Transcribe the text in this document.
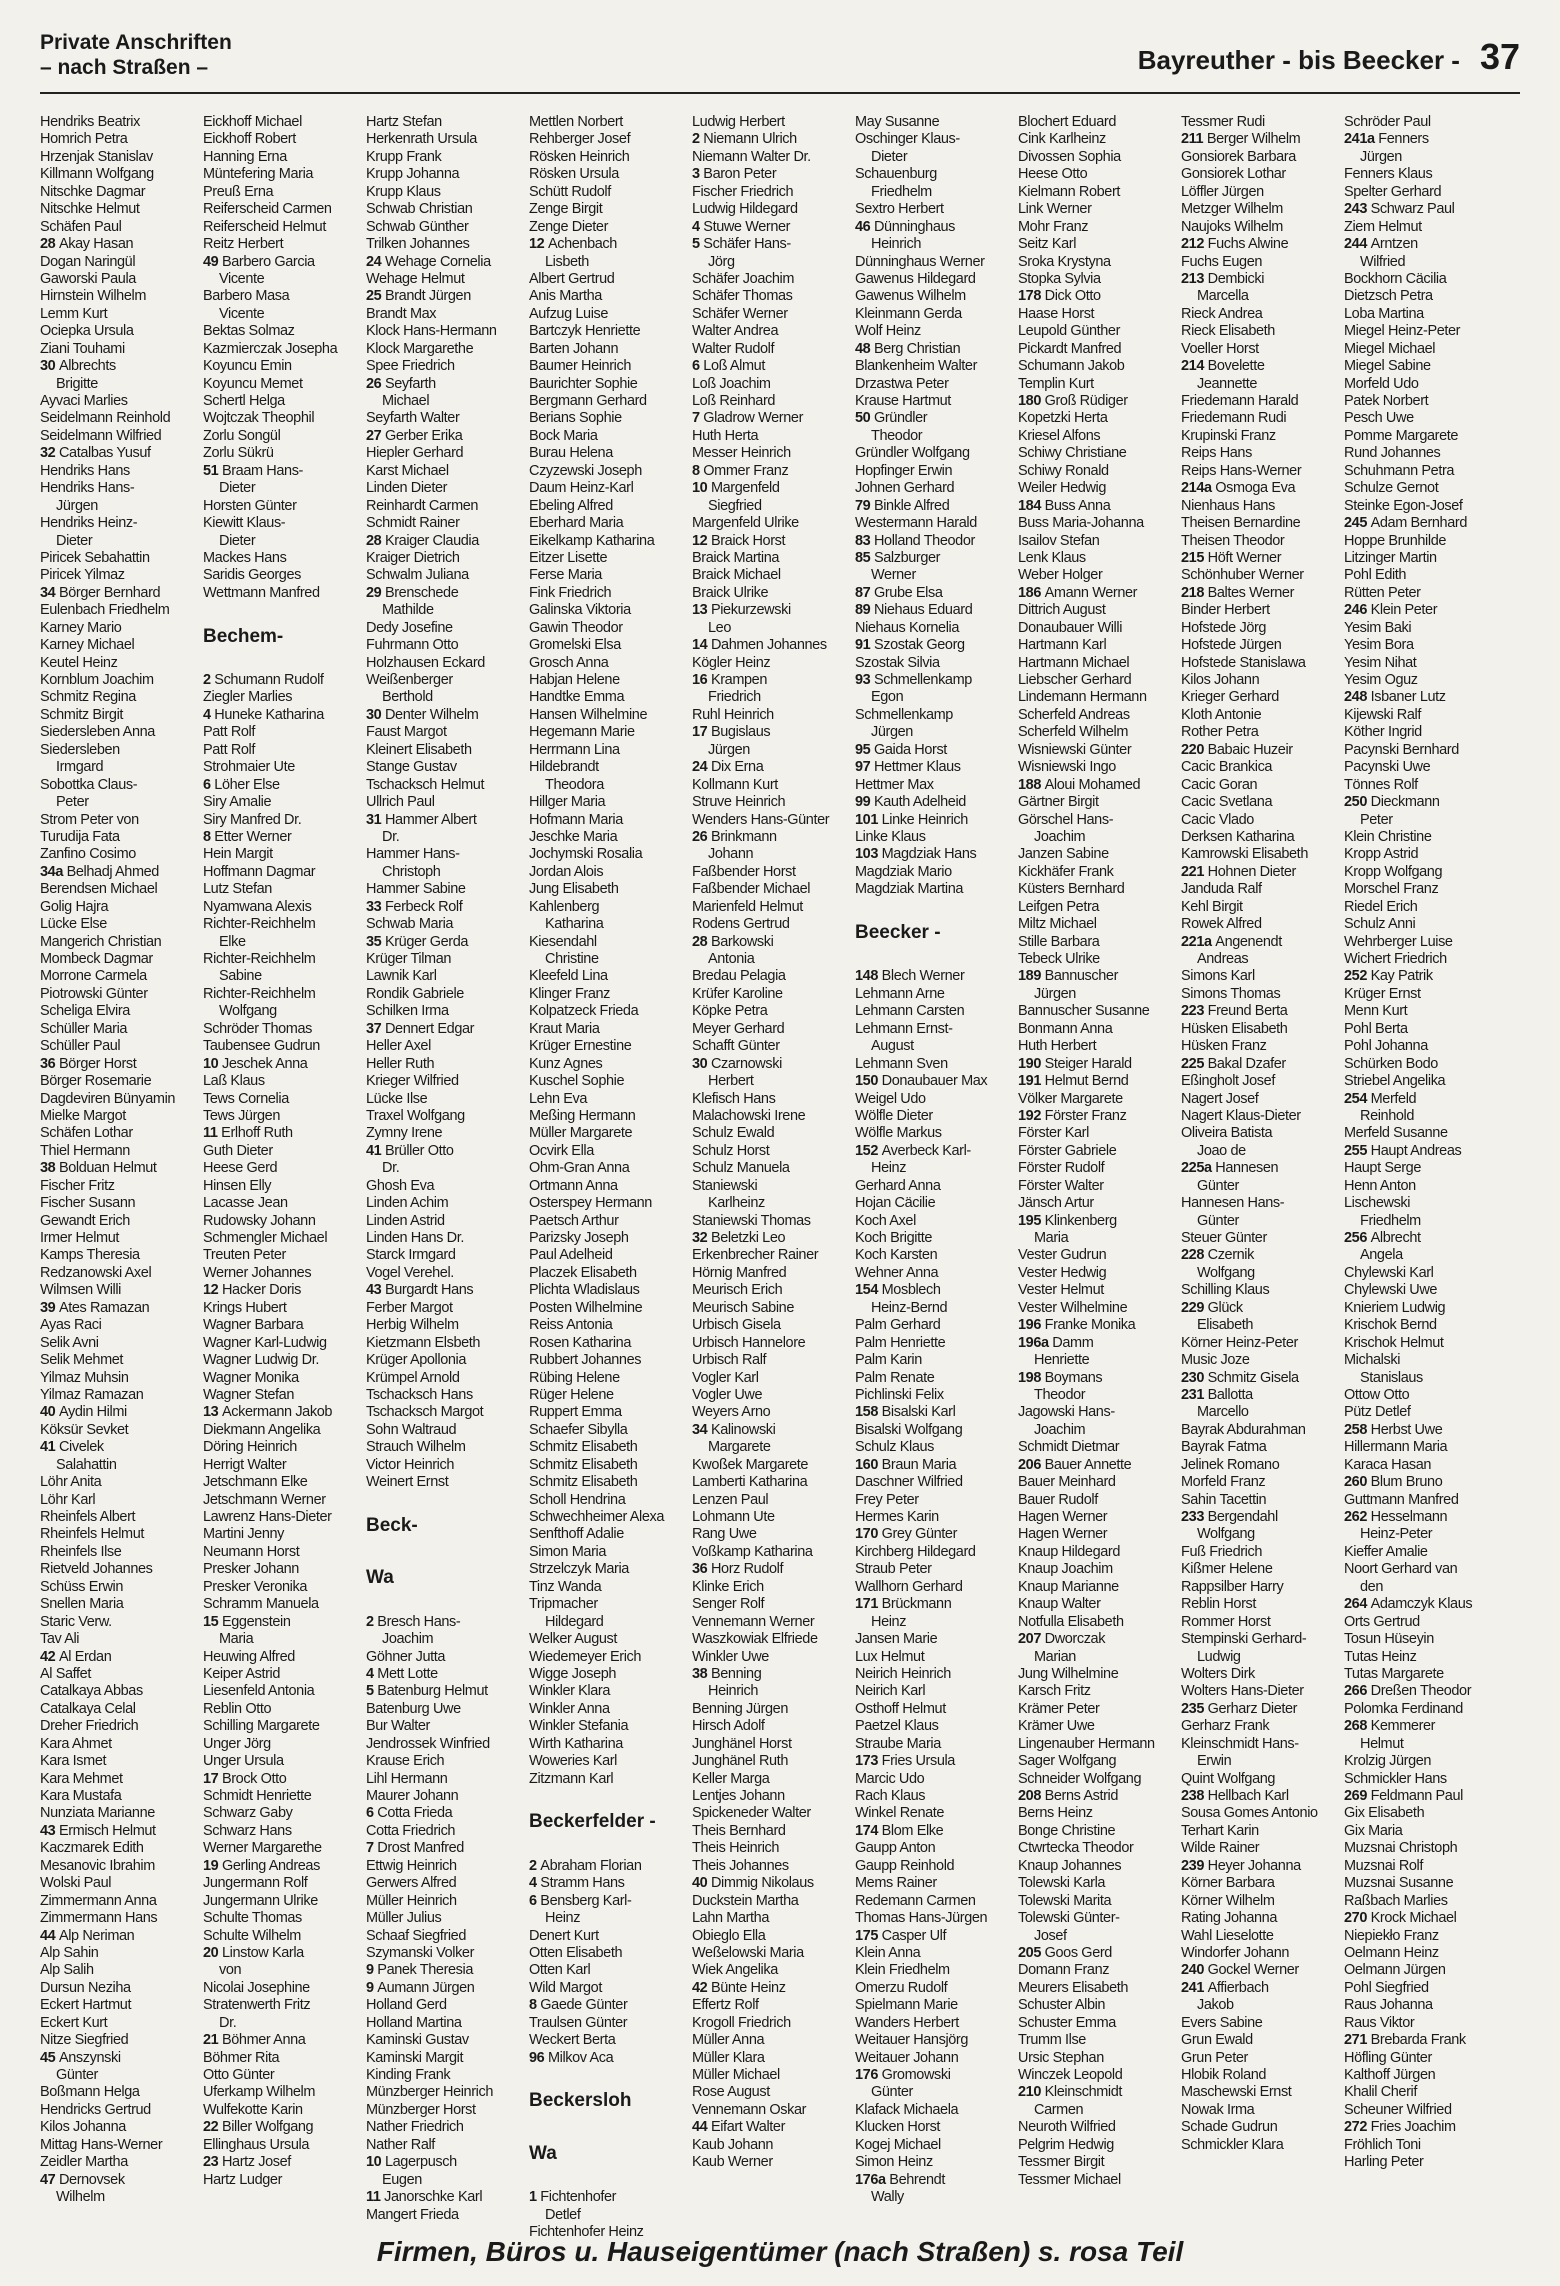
Private Anschriften
– nach Straßen –	Bayreuther - bis Beecker - 37
Hendriks Beatrix
Homrich Petra
Hrzenjak Stanislav
Killmann Wolfgang
Nitschke Dagmar
Nitschke Helmut
Schäfen Paul
28 Akay Hasan
Dogan Naringül
Gaworski Paula
Hirnstein Wilhelm
Lemm Kurt
Ociepka Ursula
Ziani Touhami
30 Albrechts
Brigitte
Ayvaci Marlies
Seidelmann Reinhold
Seidelmann Wilfried
32 Catalbas Yusuf
Hendriks Hans
Hendriks Hans-
Jürgen
Hendriks Heinz-
Dieter
Piricek Sebahattin
Piricek Yilmaz
34 Börger Bernhard
Eulenbach Friedhelm
Karney Mario
Karney Michael
Keutel Heinz
Kornblum Joachim
Schmitz Regina
Schmitz Birgit
Siedersleben Anna
Siedersleben
Irmgard
Sobottka Claus-
Peter
Strom Peter von
Turudija Fata
Zanfino Cosimo
34a Belhadj Ahmed
Berendsen Michael
Golig Hajra
Lücke Else
Mangerich Christian
Mombeck Dagmar
Morrone Carmela
Piotrowski Günter
Scheliga Elvira
Schüller Maria
Schüller Paul
36 Börger Horst
Börger Rosemarie
Dagdeviren Bünyamin
Mielke Margot
Schäfen Lothar
Thiel Hermann
38 Bolduan Helmut
Fischer Fritz
Fischer Susann
Gewandt Erich
Irmer Helmut
Kamps Theresia
Redzanowski Axel
Wilmsen Willi
39 Ates Ramazan
Ayas Raci
Selik Avni
Selik Mehmet
Yilmaz Muhsin
Yilmaz Ramazan
40 Aydin Hilmi
Köksür Sevket
41 Civelek
Salahattin
Löhr Anita
Löhr Karl
Rheinfels Albert
Rheinfels Helmut
Rheinfels Ilse
Rietveld Johannes
Schüss Erwin
Snellen Maria
Staric Verw.
Tav Ali
42 Al Erdan
Al Saffet
Catalkaya Abbas
Catalkaya Celal
Dreher Friedrich
Kara Ahmet
Kara Ismet
Kara Mehmet
Kara Mustafa
Nunziata Marianne
43 Ermisch Helmut
Kaczmarek Edith
Mesanovic Ibrahim
Wolski Paul
Zimmermann Anna
Zimmermann Hans
44 Alp Neriman
Alp Sahin
Alp Salih
Dursun Neziha
Eckert Hartmut
Eckert Kurt
Nitze Siegfried
45 Anszynski
Günter
Boßmann Helga
Hendricks Gertrud
Kilos Johanna
Mittag Hans-Werner
Zeidler Martha
47 Dernovsek
Wilhelm
Eickhoff Michael
Eickhoff Robert
Hanning Erna
Müntefering Maria
Preuß Erna
Reiferscheid Carmen
Reiferscheid Helmut
Reitz Herbert
49 Barbero Garcia
Vicente
Barbero Masa
Vicente
Bektas Solmaz
Kazmierczak Josepha
Koyuncu Emin
Koyuncu Memet
Schertl Helga
Wojtczak Theophil
Zorlu Songül
Zorlu Sükrü
51 Braam Hans-
Dieter
Horsten Günter
Kiewitt Klaus-
Dieter
Mackes Hans
Saridis Georges
Wettmann Manfred
Bechem-
2 Schumann Rudolf
Ziegler Marlies
4 Huneke Katharina
Patt Rolf
Patt Rolf
Strohmaier Ute
6 Löher Else
Siry Amalie
Siry Manfred Dr.
8 Etter Werner
Hein Margit
Hoffmann Dagmar
Lutz Stefan
Nyamwana Alexis
Richter-Reichhelm
Elke
Richter-Reichhelm
Sabine
Richter-Reichhelm
Wolfgang
Schröder Thomas
Taubensee Gudrun
10 Jeschek Anna
Laß Klaus
Tews Cornelia
Tews Jürgen
11 Erlhoff Ruth
Guth Dieter
Heese Gerd
Hinsen Elly
Lacasse Jean
Rudowsky Johann
Schmengler Michael
Treuten Peter
Werner Johannes
12 Hacker Doris
Krings Hubert
Wagner Barbara
Wagner Karl-Ludwig
Wagner Ludwig Dr.
Wagner Monika
Wagner Stefan
13 Ackermann Jakob
Diekmann Angelika
Döring Heinrich
Herrigt Walter
Jetschmann Elke
Jetschmann Werner
Lawrenz Hans-Dieter
Martini Jenny
Neumann Horst
Presker Johann
Presker Veronika
Schramm Manuela
15 Eggenstein
Maria
Heuwing Alfred
Keiper Astrid
Liesenfeld Antonia
Reblin Otto
Schilling Margarete
Unger Jörg
Unger Ursula
17 Brock Otto
Schmidt Henriette
Schwarz Gaby
Schwarz Hans
Werner Margarethe
19 Gerling Andreas
Jungermann Rolf
Jungermann Ulrike
Schulte Thomas
Schulte Wilhelm
20 Linstow Karla
von
Nicolai Josephine
Stratenwerth Fritz
Dr.
21 Böhmer Anna
Böhmer Rita
Otto Günter
Uferkamp Wilhelm
Wulfekotte Karin
22 Biller Wolfgang
Ellinghaus Ursula
23 Hartz Josef
Hartz Ludger
Hartz Stefan
Herkenrath Ursula
Krupp Frank
Krupp Johanna
Krupp Klaus
Schwab Christian
Schwab Günther
Trilken Johannes
24 Wehage Cornelia
Wehage Helmut
25 Brandt Jürgen
Brandt Max
Klock Hans-Hermann
Klock Margarethe
Spee Friedrich
26 Seyfarth
Michael
Seyfarth Walter
27 Gerber Erika
Hiepler Gerhard
Karst Michael
Linden Dieter
Reinhardt Carmen
Schmidt Rainer
28 Kraiger Claudia
Kraiger Dietrich
Schwalm Juliana
29 Brenschede
Mathilde
Dedy Josefine
Fuhrmann Otto
Holzhausen Eckard
Weißenberger
Berthold
30 Denter Wilhelm
Faust Margot
Kleinert Elisabeth
Stange Gustav
Tschacksch Helmut
Ullrich Paul
31 Hammer Albert
Dr.
Hammer Hans-
Christoph
Hammer Sabine
33 Ferbeck Rolf
Schwab Maria
35 Krüger Gerda
Krüger Tilman
Lawnik Karl
Rondik Gabriele
Schilken Irma
37 Dennert Edgar
Heller Axel
Heller Ruth
Krieger Wilfried
Lücke Ilse
Traxel Wolfgang
Zymny Irene
41 Brüller Otto
Dr.
Ghosh Eva
Linden Achim
Linden Astrid
Linden Hans Dr.
Starck Irmgard
Vogel Verehel.
43 Burgardt Hans
Ferber Margot
Herbig Wilhelm
Kietzmann Elsbeth
Krüger Apollonia
Krümpel Arnold
Tschacksch Hans
Tschacksch Margot
Sohn Waltraud
Strauch Wilhelm
Victor Heinrich
Weinert Ernst
Beck-
Wa
2 Bresch Hans-
Joachim
Göhner Jutta
4 Mett Lotte
5 Batenburg Helmut
Batenburg Uwe
Bur Walter
Jendrossek Winfried
Krause Erich
Lihl Hermann
Maurer Johann
6 Cotta Frieda
Cotta Friedrich
7 Drost Manfred
Ettwig Heinrich
Gerwers Alfred
Müller Heinrich
Müller Julius
Schaaf Siegfried
Szymanski Volker
9 Panek Theresia
9 Aumann Jürgen
Holland Gerd
Holland Martina
Kaminski Gustav
Kaminski Margit
Kinding Frank
Münzberger Heinrich
Münzberger Horst
Nather Friedrich
Nather Ralf
10 Lagerpusch
Eugen
11 Janorschke Karl
Mangert Frieda
Mettlen Norbert
Rehberger Josef
Rösken Heinrich
Rösken Ursula
Schütt Rudolf
Zenge Birgit
Zenge Dieter
12 Achenbach
Lisbeth
Albert Gertrud
Anis Martha
Aufzug Luise
Bartczyk Henriette
Barten Johann
Baumer Heinrich
Baurichter Sophie
Bergmann Gerhard
Berians Sophie
Bock Maria
Burau Helena
Czyzewski Joseph
Daum Heinz-Karl
Ebeling Alfred
Eberhard Maria
Eikelkamp Katharina
Eitzer Lisette
Ferse Maria
Fink Friedrich
Galinska Viktoria
Gawin Theodor
Gromelski Elsa
Grosch Anna
Habjan Helene
Handtke Emma
Hansen Wilhelmine
Hegemann Marie
Herrmann Lina
Hildebrandt
Theodora
Hillger Maria
Hofmann Maria
Jeschke Maria
Jochymski Rosalia
Jordan Alois
Jung Elisabeth
Kahlenberg
Katharina
Kiesendahl
Christine
Kleefeld Lina
Klinger Franz
Kolpatzeck Frieda
Kraut Maria
Krüger Ernestine
Kunz Agnes
Kuschel Sophie
Lehn Eva
Meßing Hermann
Müller Margarete
Ocvirk Ella
Ohm-Gran Anna
Ortmann Anna
Osterspey Hermann
Paetsch Arthur
Parizsky Joseph
Paul Adelheid
Placzek Elisabeth
Plichta Wladislaus
Posten Wilhelmine
Reiss Antonia
Rosen Katharina
Rubbert Johannes
Rübing Helene
Rüger Helene
Ruppert Emma
Schaefer Sibylla
Schmitz Elisabeth
Schmitz Elisabeth
Schmitz Elisabeth
Scholl Hendrina
Schwechheimer Alexa
Senfthoff Adalie
Simon Maria
Strzelczyk Maria
Tinz Wanda
Tripmacher
Hildegard
Welker August
Wiedemeyer Erich
Wigge Joseph
Winkler Klara
Winkler Anna
Winkler Stefania
Wirth Katharina
Woweries Karl
Zitzmann Karl
Beckerfelder -
2 Abraham Florian
4 Stramm Hans
6 Bensberg Karl-
Heinz
Denert Kurt
Otten Elisabeth
Otten Karl
Wild Margot
8 Gaede Günter
Traulsen Günter
Weckert Berta
96 Milkov Aca
Beckersloh
Wa
1 Fichtenhofer
Detlef
Fichtenhofer Heinz
Ludwig Herbert
2 Niemann Ulrich
Niemann Walter Dr.
3 Baron Peter
Fischer Friedrich
Ludwig Hildegard
4 Stuwe Werner
5 Schäfer Hans-
Jörg
Schäfer Joachim
Schäfer Thomas
Schäfer Werner
Walter Andrea
Walter Rudolf
6 Loß Almut
Loß Joachim
Loß Reinhard
7 Gladrow Werner
Huth Herta
Messer Heinrich
8 Ommer Franz
10 Margenfeld
Siegfried
Margenfeld Ulrike
12 Braick Horst
Braick Martina
Braick Michael
Braick Ulrike
13 Piekurzewski
Leo
14 Dahmen Johannes
Kögler Heinz
16 Krampen
Friedrich
Ruhl Heinrich
17 Bugislaus
Jürgen
24 Dix Erna
Kollmann Kurt
Struve Heinrich
Wenders Hans-Günter
26 Brinkmann
Johann
Faßbender Horst
Faßbender Michael
Marienfeld Helmut
Rodens Gertrud
28 Barkowski
Antonia
Bredau Pelagia
Krüfer Karoline
Köpke Petra
Meyer Gerhard
Schafft Günter
30 Czarnowski
Herbert
Klefisch Hans
Malachowski Irene
Schulz Ewald
Schulz Horst
Schulz Manuela
Staniewski
Karlheinz
Staniewski Thomas
32 Beletzki Leo
Erkenbrecher Rainer
Hörnig Manfred
Meurisch Erich
Meurisch Sabine
Urbisch Gisela
Urbisch Hannelore
Urbisch Ralf
Vogler Karl
Vogler Uwe
Weyers Arno
34 Kalinowski
Margarete
Kwoßek Margarete
Lamberti Katharina
Lenzen Paul
Lohmann Ute
Rang Uwe
Voßkamp Katharina
36 Horz Rudolf
Klinke Erich
Senger Rolf
Vennemann Werner
Waszkowiak Elfriede
Winkler Uwe
38 Benning
Heinrich
Benning Jürgen
Hirsch Adolf
Junghänel Horst
Junghänel Ruth
Keller Marga
Lentjes Johann
Spickeneder Walter
Theis Bernhard
Theis Heinrich
Theis Johannes
40 Dimmig Nikolaus
Duckstein Martha
Lahn Martha
Obieglo Ella
Weßelowski Maria
Wiek Angelika
42 Bünte Heinz
Effertz Rolf
Krogoll Friedrich
Müller Anna
Müller Klara
Müller Michael
Rose August
Vennemann Oskar
44 Eifart Walter
Kaub Johann
Kaub Werner
May Susanne
Oschinger Klaus-
Dieter
Schauenburg
Friedhelm
Sextro Herbert
46 Dünninghaus
Heinrich
Dünninghaus Werner
Gawenus Hildegard
Gawenus Wilhelm
Kleinmann Gerda
Wolf Heinz
48 Berg Christian
Blankenheim Walter
Drzastwa Peter
Krause Hartmut
50 Gründler
Theodor
Gründler Wolfgang
Hopfinger Erwin
Johnen Gerhard
79 Binkle Alfred
Westermann Harald
83 Holland Theodor
85 Salzburger
Werner
87 Grube Elsa
89 Niehaus Eduard
Niehaus Kornelia
91 Szostak Georg
Szostak Silvia
93 Schmellenkamp
Egon
Schmellenkamp
Jürgen
95 Gaida Horst
97 Hettmer Klaus
Hettmer Max
99 Kauth Adelheid
101 Linke Heinrich
Linke Klaus
103 Magdziak Hans
Magdziak Mario
Magdziak Martina
Beecker -
148 Blech Werner
Lehmann Arne
Lehmann Carsten
Lehmann Ernst-
August
Lehmann Sven
150 Donaubauer Max
Weigel Udo
Wölfle Dieter
Wölfle Markus
152 Averbeck Karl-
Heinz
Gerhard Anna
Hojan Cäcilie
Koch Axel
Koch Brigitte
Koch Karsten
Wehner Anna
154 Mosblech
Heinz-Bernd
Palm Gerhard
Palm Henriette
Palm Karin
Palm Renate
Pichlinski Felix
158 Bisalski Karl
Bisalski Wolfgang
Schulz Klaus
160 Braun Maria
Daschner Wilfried
Frey Peter
Hermes Karin
170 Grey Günter
Kirchberg Hildegard
Straub Peter
Wallhorn Gerhard
171 Brückmann
Heinz
Jansen Marie
Lux Helmut
Neirich Heinrich
Neirich Karl
Osthoff Helmut
Paetzel Klaus
Straube Maria
173 Fries Ursula
Marcic Udo
Rach Klaus
Winkel Renate
174 Blom Elke
Gaupp Anton
Gaupp Reinhold
Mems Rainer
Redemann Carmen
Thomas Hans-Jürgen
175 Casper Ulf
Klein Anna
Klein Friedhelm
Omerzu Rudolf
Spielmann Marie
Wanders Herbert
Weitauer Hansjörg
Weitauer Johann
176 Gromowski
Günter
Klafack Michaela
Klucken Horst
Kogej Michael
Simon Heinz
176a Behrendt
Wally
Blochert Eduard
Cink Karlheinz
Divossen Sophia
Heese Otto
Kielmann Robert
Link Werner
Mohr Franz
Seitz Karl
Sroka Krystyna
Stopka Sylvia
178 Dick Otto
Haase Horst
Leupold Günther
Pickardt Manfred
Schumann Jakob
Templin Kurt
180 Groß Rüdiger
Kopetzki Herta
Kriesel Alfons
Schiwy Christiane
Schiwy Ronald
Weiler Hedwig
184 Buss Anna
Buss Maria-Johanna
Isailov Stefan
Lenk Klaus
Weber Holger
186 Amann Werner
Dittrich August
Donaubauer Willi
Hartmann Karl
Hartmann Michael
Liebscher Gerhard
Lindemann Hermann
Scherfeld Andreas
Scherfeld Wilhelm
Wisniewski Günter
Wisniewski Ingo
188 Aloui Mohamed
Gärtner Birgit
Görschel Hans-
Joachim
Janzen Sabine
Kickhäfer Frank
Küsters Bernhard
Leifgen Petra
Miltz Michael
Stille Barbara
Tebeck Ulrike
189 Bannuscher
Jürgen
Bannuscher Susanne
Bonmann Anna
Huth Herbert
190 Steiger Harald
191 Helmut Bernd
Völker Margarete
192 Förster Franz
Förster Karl
Förster Gabriele
Förster Rudolf
Förster Walter
Jänsch Artur
195 Klinkenberg
Maria
Vester Gudrun
Vester Hedwig
Vester Helmut
Vester Wilhelmine
196 Franke Monika
196a Damm
Henriette
198 Boymans
Theodor
Jagowski Hans-
Joachim
Schmidt Dietmar
206 Bauer Annette
Bauer Meinhard
Bauer Rudolf
Hagen Werner
Hagen Werner
Knaup Hildegard
Knaup Joachim
Knaup Marianne
Knaup Walter
Notfulla Elisabeth
207 Dworczak
Marian
Jung Wilhelmine
Karsch Fritz
Krämer Peter
Krämer Uwe
Lingenauber Hermann
Sager Wolfgang
Schneider Wolfgang
208 Berns Astrid
Berns Heinz
Bonge Christine
Ctwrtecka Theodor
Knaup Johannes
Tolewski Karla
Tolewski Marita
Tolewski Günter-
Josef
205 Goos Gerd
Domann Franz
Meurers Elisabeth
Schuster Albin
Schuster Emma
Trumm Ilse
Ursic Stephan
Winczek Leopold
210 Kleinschmidt
Carmen
Neuroth Wilfried
Pelgrim Hedwig
Tessmer Birgit
Tessmer Michael
Tessmer Rudi
211 Berger Wilhelm
Gonsiorek Barbara
Gonsiorek Lothar
Löffler Jürgen
Metzger Wilhelm
Naujoks Wilhelm
212 Fuchs Alwine
Fuchs Eugen
213 Dembicki
Marcella
Rieck Andrea
Rieck Elisabeth
Voeller Horst
214 Bovelette
Jeannette
Friedemann Harald
Friedemann Rudi
Krupinski Franz
Reips Hans
Reips Hans-Werner
214a Osmoga Eva
Nienhaus Hans
Theisen Bernardine
Theisen Theodor
215 Höft Werner
Schönhuber Werner
218 Baltes Werner
Binder Herbert
Hofstede Jörg
Hofstede Jürgen
Hofstede Stanislawa
Kilos Johann
Krieger Gerhard
Kloth Antonie
Rother Petra
220 Babaic Huzeir
Cacic Brankica
Cacic Goran
Cacic Svetlana
Cacic Vlado
Derksen Katharina
Kamrowski Elisabeth
221 Hohnen Dieter
Janduda Ralf
Kehl Birgit
Rowek Alfred
221a Angenendt
Andreas
Simons Karl
Simons Thomas
223 Freund Berta
Hüsken Elisabeth
Hüsken Franz
225 Bakal Dzafer
Eßingholt Josef
Nagert Josef
Nagert Klaus-Dieter
Oliveira Batista
Joao de
225a Hannesen
Günter
Hannesen Hans-
Günter
Steuer Günter
228 Czernik
Wolfgang
Schilling Klaus
229 Glück
Elisabeth
Körner Heinz-Peter
Music Joze
230 Schmitz Gisela
231 Ballotta
Marcello
Bayrak Abdurahman
Bayrak Fatma
Jelinek Romano
Morfeld Franz
Sahin Tacettin
233 Bergendahl
Wolfgang
Fuß Friedrich
Kißmer Helene
Rappsilber Harry
Reblin Horst
Rommer Horst
Stempinski Gerhard-
Ludwig
Wolters Dirk
Wolters Hans-Dieter
235 Gerharz Dieter
Gerharz Frank
Kleinschmidt Hans-
Erwin
Quint Wolfgang
238 Hellbach Karl
Sousa Gomes Antonio
Terhart Karin
Wilde Rainer
239 Heyer Johanna
Körner Barbara
Körner Wilhelm
Rating Johanna
Wahl Lieselotte
Windorfer Johann
240 Gockel Werner
241 Affierbach
Jakob
Evers Sabine
Grun Ewald
Grun Peter
Hlobik Roland
Maschewski Ernst
Nowak Irma
Schade Gudrun
Schmickler Klara
Schröder Paul
241a Fenners
Jürgen
Fenners Klaus
Spelter Gerhard
243 Schwarz Paul
Ziem Helmut
244 Arntzen
Wilfried
Bockhorn Cäcilia
Dietzsch Petra
Loba Martina
Miegel Heinz-Peter
Miegel Michael
Miegel Sabine
Morfeld Udo
Patek Norbert
Pesch Uwe
Pomme Margarete
Rund Johannes
Schuhmann Petra
Schulze Gernot
Steinke Egon-Josef
245 Adam Bernhard
Hoppe Brunhilde
Litzinger Martin
Pohl Edith
Rütten Peter
246 Klein Peter
Yesim Baki
Yesim Bora
Yesim Nihat
Yesim Oguz
248 Isbaner Lutz
Kijewski Ralf
Köther Ingrid
Pacynski Bernhard
Pacynski Uwe
Tönnes Rolf
250 Dieckmann
Peter
Klein Christine
Kropp Astrid
Kropp Wolfgang
Morschel Franz
Riedel Erich
Schulz Anni
Wehrberger Luise
Wichert Friedrich
252 Kay Patrik
Krüger Ernst
Menn Kurt
Pohl Berta
Pohl Johanna
Schürken Bodo
Striebel Angelika
254 Merfeld
Reinhold
Merfeld Susanne
255 Haupt Andreas
Haupt Serge
Henn Anton
Lischewski
Friedhelm
256 Albrecht
Angela
Chylewski Karl
Chylewski Uwe
Knieriem Ludwig
Krischok Bernd
Krischok Helmut
Michalski
Stanislaus
Ottow Otto
Pütz Detlef
258 Herbst Uwe
Hillermann Maria
Karaca Hasan
260 Blum Bruno
Guttmann Manfred
262 Hesselmann
Heinz-Peter
Kieffer Amalie
Noort Gerhard van
den
264 Adamczyk Klaus
Orts Gertrud
Tosun Hüseyin
Tutas Heinz
Tutas Margarete
266 Dreßen Theodor
Polomka Ferdinand
268 Kemmerer
Helmut
Krolzig Jürgen
Schmickler Hans
269 Feldmann Paul
Gix Elisabeth
Gix Maria
Muzsnai Christoph
Muzsnai Rolf
Muzsnai Susanne
Raßbach Marlies
270 Krock Michael
Niepiekło Franz
Oelmann Heinz
Oelmann Jürgen
Pohl Siegfried
Raus Johanna
Raus Viktor
271 Brebarda Frank
Höfling Günter
Kalthoff Jürgen
Khalil Cherif
Scheuner Wilfried
272 Fries Joachim
Fröhlich Toni
Harling Peter
Firmen, Büros u. Hauseigentümer (nach Straßen) s. rosa Teil
